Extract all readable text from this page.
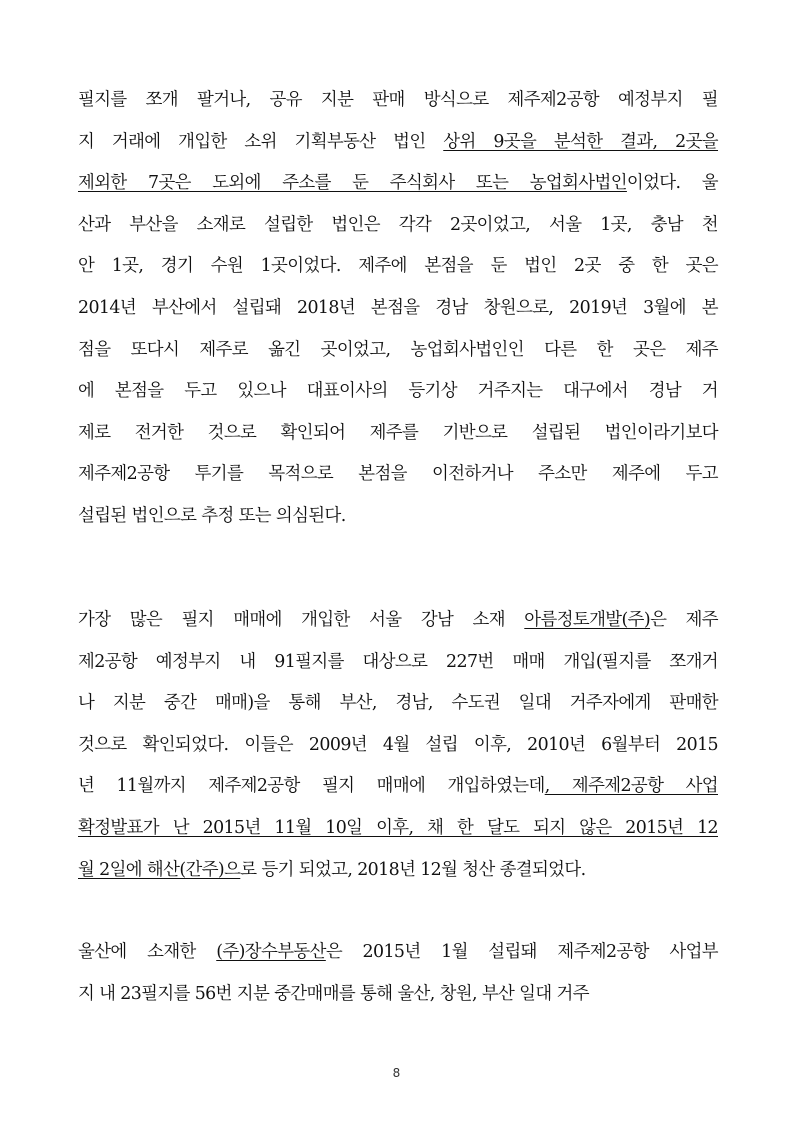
필지를 쪼개 팔거나, 공유 지분 판매 방식으로 제주제2공항 예정부지 필
지 거래에 개입한 소위 기획부동산 법인 상위 9곳을 분석한 결과, 2곳을
제외한 7곳은 도외에 주소를 둔 주식회사 또는 농업회사법인이었다. 울
산과 부산을 소재로 설립한 법인은 각각 2곳이었고, 서울 1곳, 충남 천
안 1곳, 경기 수원 1곳이었다. 제주에 본점을 둔 법인 2곳 중 한 곳은
2014년 부산에서 설립돼 2018년 본점을 경남 창원으로, 2019년 3월에 본
점을 또다시 제주로 옮긴 곳이었고, 농업회사법인인 다른 한 곳은 제주
에 본점을 두고 있으나 대표이사의 등기상 거주지는 대구에서 경남 거
제로 전거한 것으로 확인되어 제주를 기반으로 설립된 법인이라기보다
제주제2공항 투기를 목적으로 본점을 이전하거나 주소만 제주에 두고
설립된 법인으로 추정 또는 의심된다.
가장 많은 필지 매매에 개입한 서울 강남 소재 아름정토개발(주)은 제주
제2공항 예정부지 내 91필지를 대상으로 227번 매매 개입(필지를 쪼개거
나 지분 중간 매매)을 통해 부산, 경남, 수도권 일대 거주자에게 판매한
것으로 확인되었다. 이들은 2009년 4월 설립 이후, 2010년 6월부터 2015
년 11월까지 제주제2공항 필지 매매에 개입하였는데, 제주제2공항 사업
확정발표가 난 2015년 11월 10일 이후, 채 한 달도 되지 않은 2015년 12
월 2일에 해산(간주)으로 등기 되었고, 2018년 12월 청산 종결되었다.
울산에 소재한 (주)장수부동산은 2015년 1월 설립돼 제주제2공항 사업부
지 내 23필지를 56번 지분 중간매매를 통해 울산, 창원, 부산 일대 거주
8
